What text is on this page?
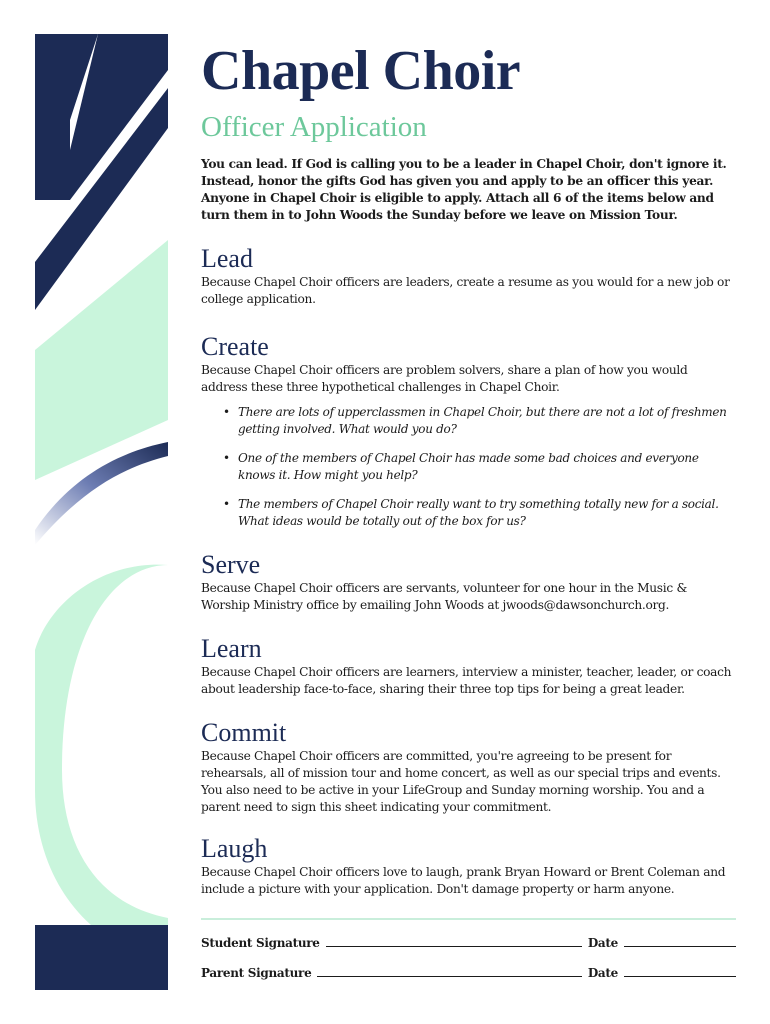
Chapel Choir
Officer Application

You can lead. If God is calling you to be a leader in Chapel Choir, don't ignore it. Instead, honor the gifts God has given you and apply to be an officer this year. Anyone in Chapel Choir is eligible to apply. Attach all 6 of the items below and turn them in to John Woods the Sunday before we leave on Mission Tour.

Lead

Because Chapel Choir officers are leaders, create a resume as you would for a new job or college application.

Create

Because Chapel Choir officers are problem solvers, share a plan of how you would address these three hypothetical challenges in Chapel Choir.

• There are lots of upperclassmen in Chapel Choir, but there are not a lot of freshmen getting involved. What would you do?
• One of the members of Chapel Choir has made some bad choices and everyone knows it. How might you help?
• The members of Chapel Choir really want to try something totally new for a social. What ideas would be totally out of the box for us?
Serve

Because Chapel Choir officers are servants, volunteer for one hour in the Music & Worship Ministry office by emailing John Woods at jwoods@dawsonchurch.org.

Learn

Because Chapel Choir officers are learners, interview a minister, teacher, leader, or coach about leadership face-to-face, sharing their three top tips for being a great leader.

Commit

Because Chapel Choir officers are committed, you're agreeing to be present for rehearsals, all of mission tour and home concert, as well as our special trips and events. You also need to be active in your LifeGroup and Sunday morning worship. You and a parent need to sign this sheet indicating your commitment.

Laugh

Because Chapel Choir officers love to laugh, prank Bryan Howard or Brent Coleman and include a picture with your application. Don't damage property or harm anyone.

Student Signature	Date
Parent Signature	Date
